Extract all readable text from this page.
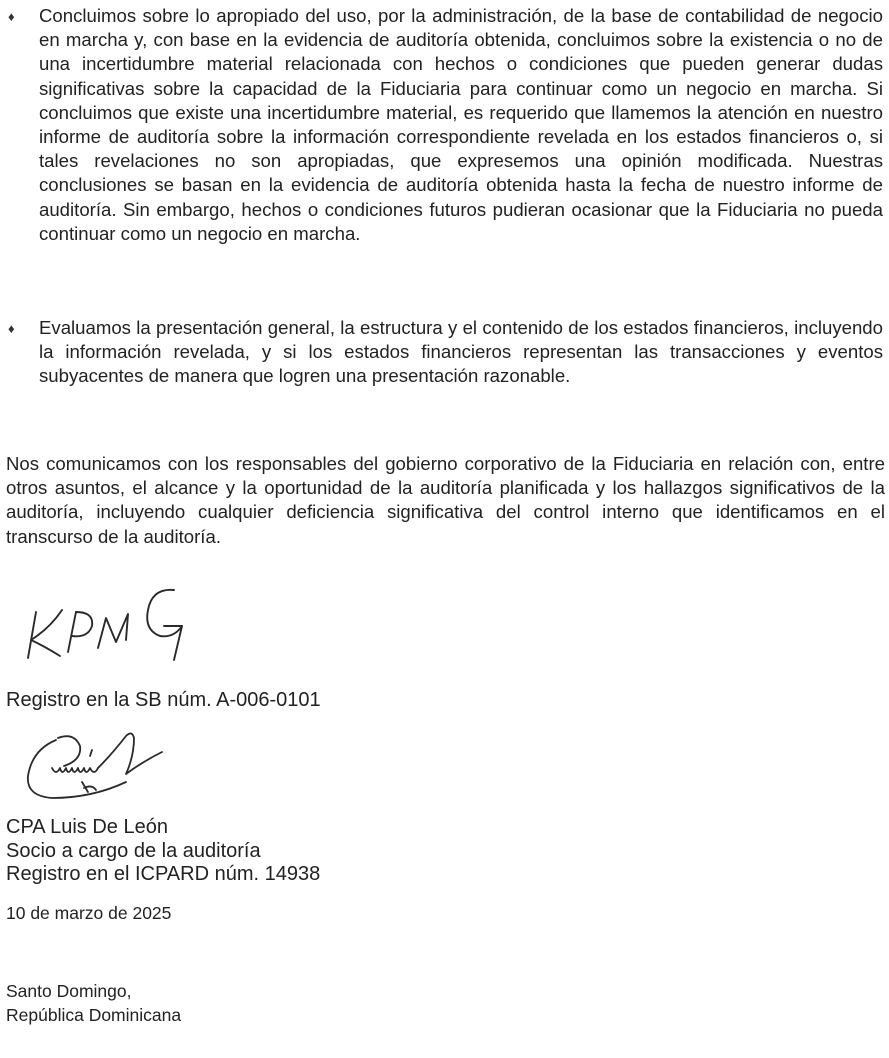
♦	Concluimos sobre lo apropiado del uso, por la administración, de la base de contabilidad de negocio en marcha y, con base en la evidencia de auditoría obtenida, concluimos sobre la existencia o no de una incertidumbre material relacionada con hechos o condiciones que pueden generar dudas significativas sobre la capacidad de la Fiduciaria para continuar como un negocio en marcha. Si concluimos que existe una incertidumbre material, es requerido que llamemos la atención en nuestro informe de auditoría sobre la información correspondiente revelada en los estados financieros o, si tales revelaciones no son apropiadas, que expresemos una opinión modificada. Nuestras conclusiones se basan en la evidencia de auditoría obtenida hasta la fecha de nuestro informe de auditoría. Sin embargo, hechos o condiciones futuros pudieran ocasionar que la Fiduciaria no pueda continuar como un negocio en marcha.
♦	Evaluamos la presentación general, la estructura y el contenido de los estados financieros, incluyendo la información revelada, y si los estados financieros representan las transacciones y eventos subyacentes de manera que logren una presentación razonable.
Nos comunicamos con los responsables del gobierno corporativo de la Fiduciaria en relación con, entre otros asuntos, el alcance y la oportunidad de la auditoría planificada y los hallazgos significativos de la auditoría, incluyendo cualquier deficiencia significativa del control interno que identificamos en el transcurso de la auditoría.
Registro en la SB núm. A-006-0101
CPA Luis De León
Socio a cargo de la auditoría
Registro en el ICPARD núm. 14938
10 de marzo de 2025
Santo Domingo,
República Dominicana
